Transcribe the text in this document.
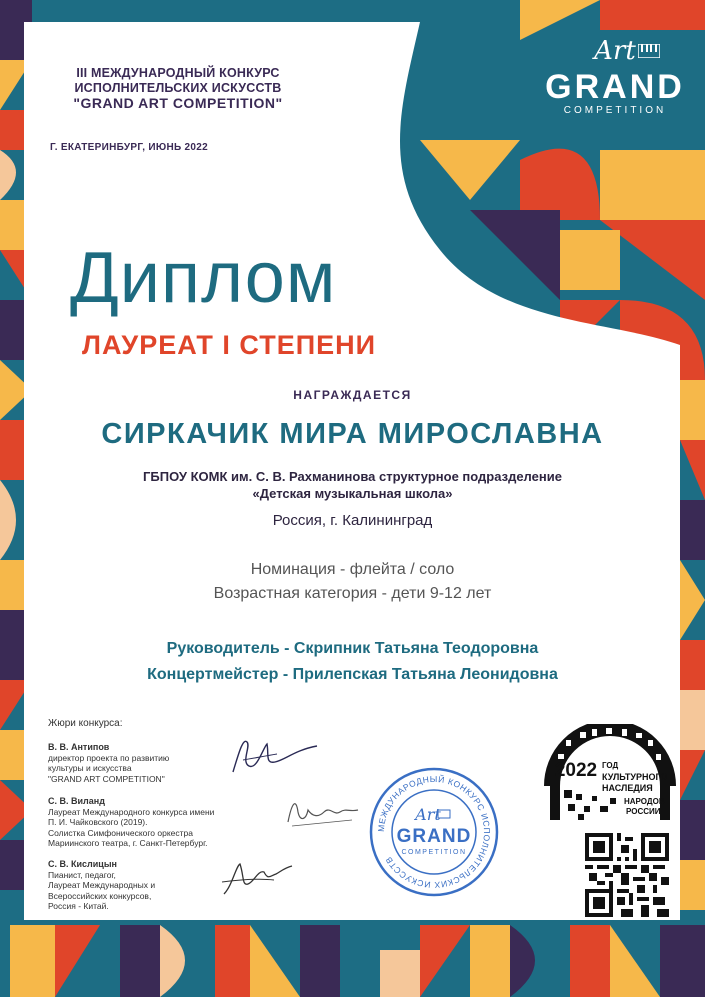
III МЕЖДУНАРОДНЫЙ КОНКУРС
ИСПОЛНИТЕЛЬСКИХ ИСКУССТВ
"GRAND ART COMPETITION"
Г. ЕКАТЕРИНБУРГ, ИЮНЬ 2022
Art
GRAND
COMPETITION
Диплом
ЛАУРЕАТ I СТЕПЕНИ
НАГРАЖДАЕТСЯ
СИРКАЧИК МИРА МИРОСЛАВНА
ГБПОУ КОМК им. С. В. Рахманинова структурное подразделение
«Детская музыкальная школа»
Россия, г. Калининград
Номинация - флейта / соло
Возрастная категория - дети 9-12 лет
Руководитель - Скрипник Татьяна Теодоровна
Концертмейстер - Прилепская Татьяна Леонидовна
Жюри конкурса:
В. В. Антипов
директор проекта по развитию
культуры и искусства
"GRAND ART COMPETITION"
С. В. Виланд
Лауреат Международного конкурса имени
П. И. Чайковского (2019).
Солистка Симфонического оркестра
Мариинского театра, г. Санкт-Петербург.
С. В. Кислицын
Пианист, педагог,
Лауреат Международных и
Всероссийских конкурсов,
Россия - Китай.
МЕЖДУНАРОДНЫЙ КОНКУРС ИСПОЛНИТЕЛЬСКИХ ИСКУССТВ
Art
GRAND
COMPETITION
2022 ГОД
КУЛЬТУРНОГО
НАСЛЕДИЯ
НАРОДОВ
РОССИИ
